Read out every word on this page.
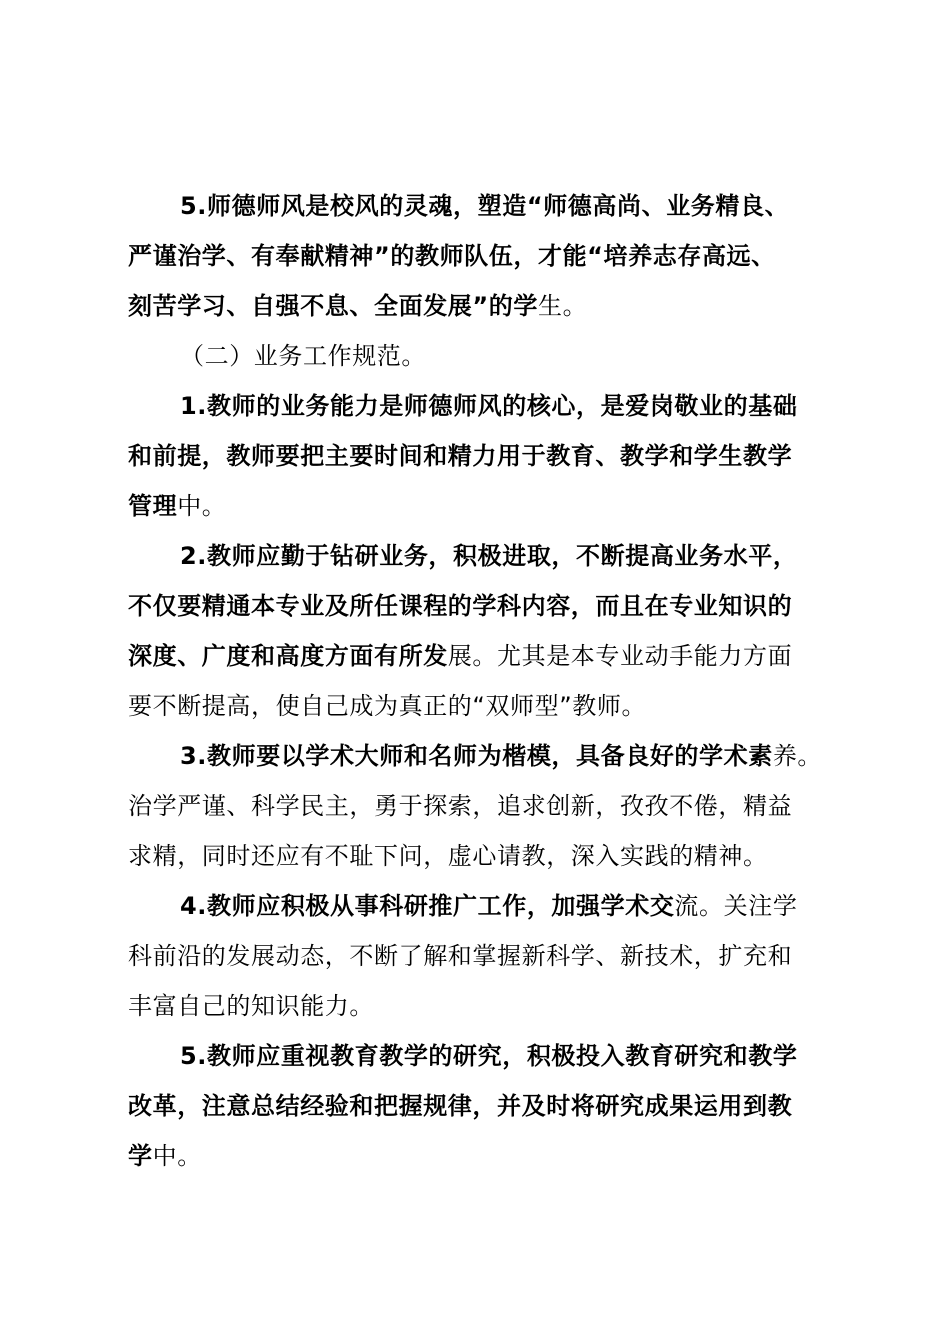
5.师德师风是校风的灵魂，塑造“师德高尚、业务精良、
严谨治学、有奉献精神”的教师队伍，才能“培养志存高远、
刻苦学习、自强不息、全面发展”的学生。
（二）业务工作规范。
1.教师的业务能力是师德师风的核心，是爱岗敬业的基础
和前提，教师要把主要时间和精力用于教育、教学和学生教学
管理中。
2.教师应勤于钻研业务，积极进取，不断提高业务水平，
不仅要精通本专业及所任课程的学科内容，而且在专业知识的
深度、广度和高度方面有所发展。尤其是本专业动手能力方面
要不断提高，使自己成为真正的“双师型”教师。
3.教师要以学术大师和名师为楷模，具备良好的学术素养。
治学严谨、科学民主，勇于探索，追求创新，孜孜不倦，精益
求精，同时还应有不耻下问，虚心请教，深入实践的精神。
4.教师应积极从事科研推广工作，加强学术交流。关注学
科前沿的发展动态，不断了解和掌握新科学、新技术，扩充和
丰富自己的知识能力。
5.教师应重视教育教学的研究，积极投入教育研究和教学
改革，注意总结经验和把握规律，并及时将研究成果运用到教
学中。
